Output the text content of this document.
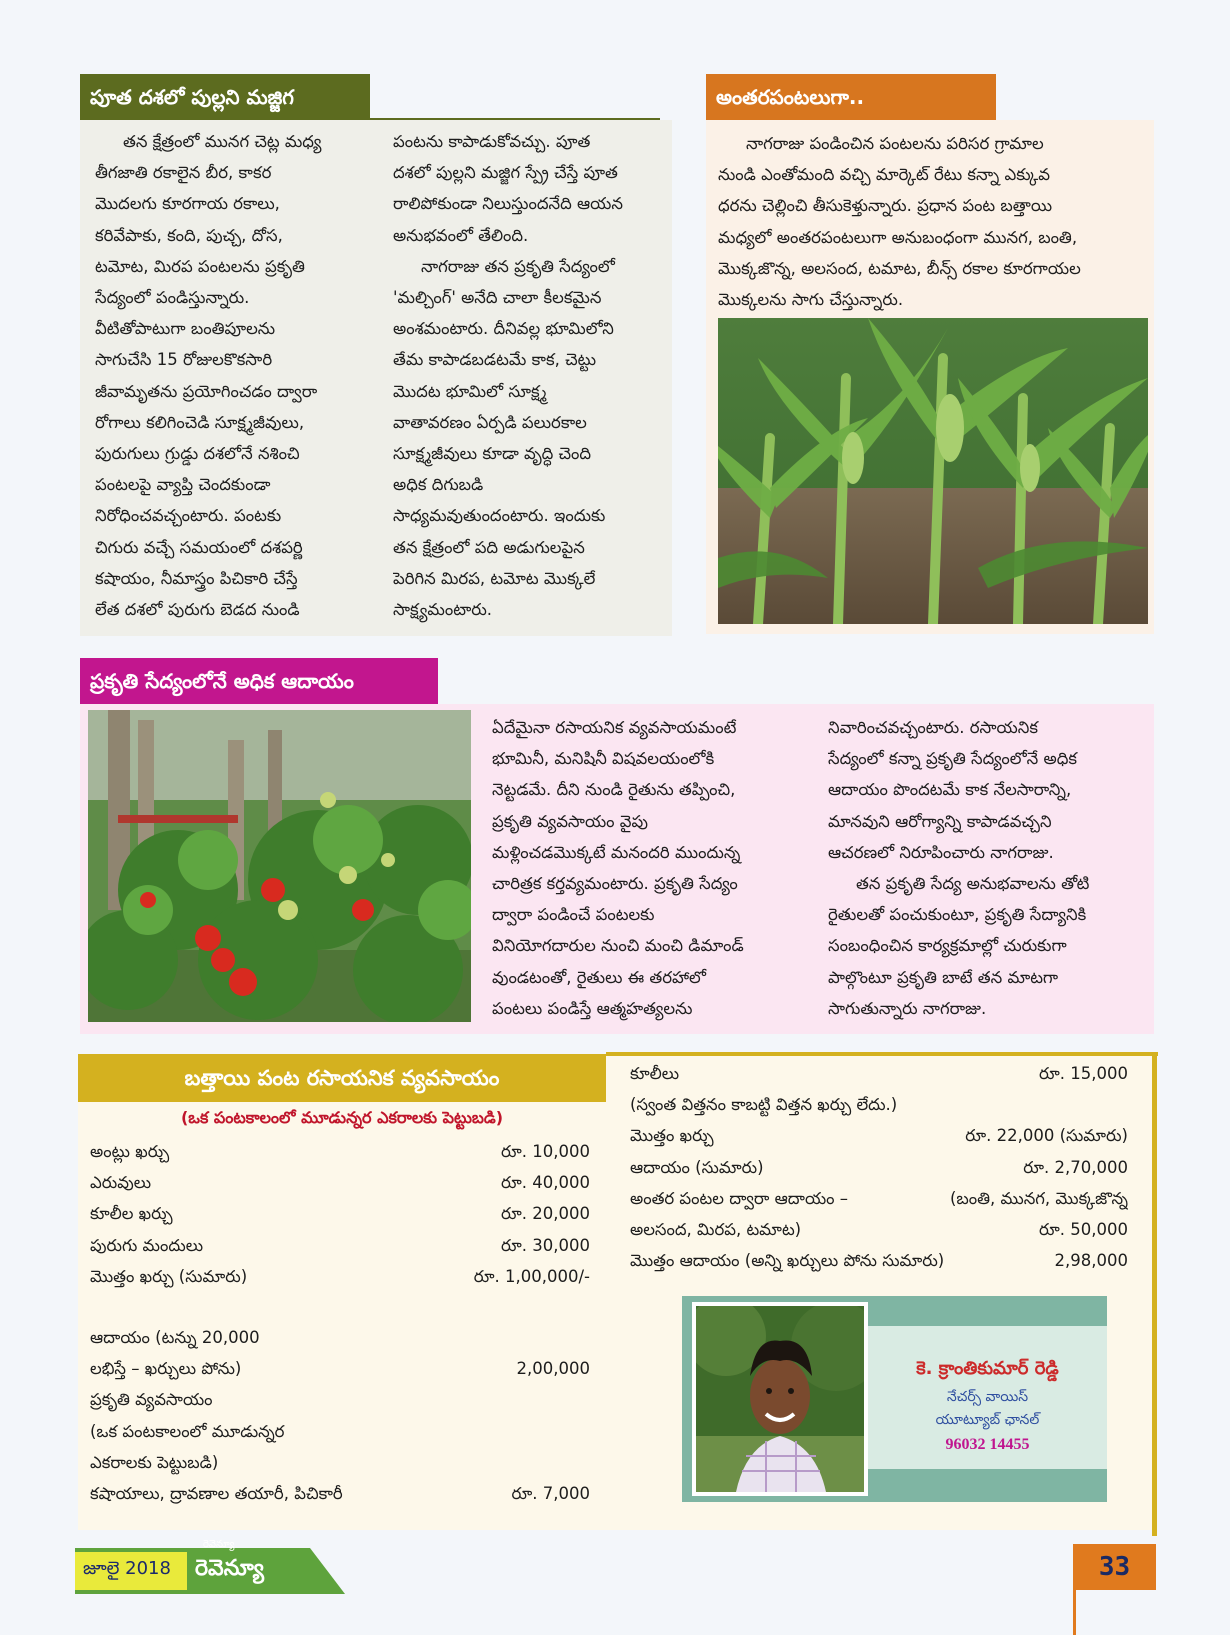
పూత దశలో పుల్లని మజ్జిగ

తన క్షేత్రంలో మునగ చెట్ల మధ్య

తీగజాతి రకాలైన బీర, కాకర

మొదలగు కూరగాయ రకాలు,

కరివేపాకు, కంది, పుచ్చ, దోస,

టమోట, మిరప పంటలను ప్రకృతి

సేద్యంలో పండిస్తున్నారు.

వీటితోపాటుగా బంతిపూలను

సాగుచేసి 15 రోజులకొకసారి

జీవామృతను ప్రయోగించడం ద్వారా

రోగాలు కలిగించెడి సూక్ష్మజీవులు,

పురుగులు గ్రుడ్డు దశలోనే నశించి

పంటలపై వ్యాప్తి చెందకుండా

నిరోధించవచ్చంటారు. పంటకు

చిగురు వచ్చే సమయంలో దశపర్ణి

కషాయం, నీమాస్త్రం పిచికారి చేస్తే

లేత దశలో పురుగు బెడద నుండి

పంటను కాపాడుకోవచ్చు. పూత

దశలో పుల్లని మజ్జిగ స్ప్రే చేస్తే పూత

రాలిపోకుండా నిలుస్తుందనేది ఆయన

అనుభవంలో తేలింది.

నాగరాజు తన ప్రకృతి సేద్యంలో

'మల్చింగ్' అనేది చాలా కీలకమైన

అంశమంటారు. దీనివల్ల భూమిలోని

తేమ కాపాడబడటమే కాక, చెట్టు

మొదట భూమిలో సూక్ష్మ

వాతావరణం ఏర్పడి పలురకాల

సూక్ష్మజీవులు కూడా వృద్ధి చెంది

అధిక దిగుబడి

సాధ్యమవుతుందంటారు. ఇందుకు

తన క్షేత్రంలో పది అడుగులపైన

పెరిగిన మిరప, టమోట మొక్కలే

సాక్ష్యమంటారు.

అంతరపంటలుగా..

నాగరాజు పండించిన పంటలను పరిసర గ్రామాల

నుండి ఎంతోమంది వచ్చి మార్కెట్ రేటు కన్నా ఎక్కువ

ధరను చెల్లించి తీసుకెళ్తున్నారు. ప్రధాన పంట బత్తాయి

మధ్యలో అంతరపంటలుగా అనుబంధంగా మునగ, బంతి,

మొక్కజొన్న, అలసంద, టమాట, బీన్స్ రకాల కూరగాయల

మొక్కలను సాగు చేస్తున్నారు.

ప్రకృతి సేద్యంలోనే అధిక ఆదాయం

ఏదేమైనా రసాయనిక వ్యవసాయమంటే

భూమినీ, మనిషినీ విషవలయంలోకి

నెట్టడమే. దీని నుండి రైతును తప్పించి,

ప్రకృతి వ్యవసాయం వైపు

మళ్లించడమొక్కటే మనందరి ముందున్న

చారిత్రక కర్తవ్యమంటారు. ప్రకృతి సేద్యం

ద్వారా పండించే పంటలకు

వినియోగదారుల నుంచి మంచి డిమాండ్

వుండటంతో, రైతులు ఈ తరహాలో

పంటలు పండిస్తే ఆత్మహత్యలను

నివారించవచ్చంటారు. రసాయనిక

సేద్యంలో కన్నా ప్రకృతి సేద్యంలోనే అధిక

ఆదాయం పొందటమే కాక నేలసారాన్ని,

మానవుని ఆరోగ్యాన్ని కాపాడవచ్చని

ఆచరణలో నిరూపించారు నాగరాజు.

తన ప్రకృతి సేద్య అనుభవాలను తోటి

రైతులతో పంచుకుంటూ, ప్రకృతి సేద్యానికి

సంబంధించిన కార్యక్రమాల్లో చురుకుగా

పాల్గొంటూ ప్రకృతి బాటే తన మాటగా

సాగుతున్నారు నాగరాజు.

బత్తాయి పంట రసాయనిక వ్యవసాయం
(ఒక పంటకాలంలో మూడున్నర ఎకరాలకు పెట్టుబడి)
అంట్లు ఖర్చు	రూ. 10,000
ఎరువులు	రూ. 40,000
కూలీల ఖర్చు	రూ. 20,000
పురుగు మందులు	రూ. 30,000
మొత్తం ఖర్చు (సుమారు)	రూ. 1,00,000/-

ఆదాయం (టన్ను 20,000

లభిస్తే – ఖర్చులు పోను)	2,00,000

ప్రకృతి వ్యవసాయం

(ఒక పంటకాలంలో మూడున్నర

ఎకరాలకు పెట్టుబడి)

కషాయాలు, ద్రావణాల తయారీ, పిచికారీ	రూ. 7,000
కూలీలు	రూ. 15,000
(స్వంత విత్తనం కాబట్టి విత్తన ఖర్చు లేదు.)
మొత్తం ఖర్చు	రూ. 22,000 (సుమారు)
ఆదాయం (సుమారు)	రూ. 2,70,000
అంతర పంటల ద్వారా ఆదాయం –	(బంతి, మునగ, మొక్కజొన్న
అలసంద, మిరప, టమాట)	రూ. 50,000
మొత్తం ఆదాయం (అన్ని ఖర్చులు పోను సుమారు)	2,98,000
కె. క్రాంతికుమార్ రెడ్డి
నేచర్స్ వాయిస్
యూట్యూబ్ ఛానల్
96032 14455
జూలై 2018
రెవెన్యూ
రెవెన్యూ	33
